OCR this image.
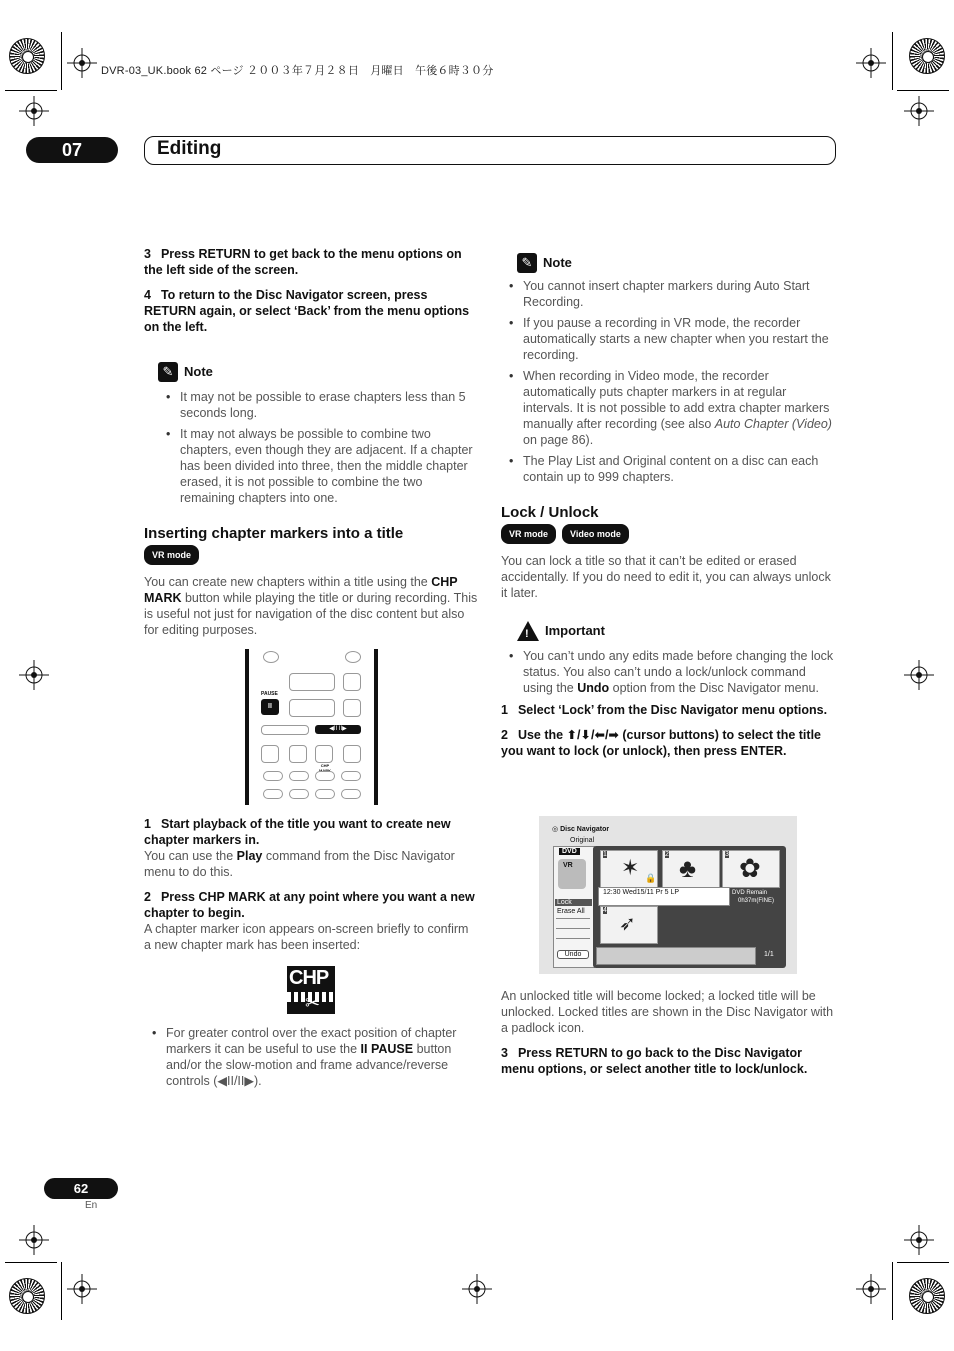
DVR-03_UK.book 62 ページ ２００３年７月２８日　月曜日　午後６時３０分
07	Editing
3 Press RETURN to get back to the menu options on the left side of the screen.
4 To return to the Disc Navigator screen, press RETURN again, or select ‘Back’ from the menu options on the left.
✎ Note
• It may not be possible to erase chapters less than 5 seconds long.
• It may not always be possible to combine two chapters, even though they are adjacent. If a chapter has been divided into three, then the middle chapter erased, it is not possible to combine the two remaining chapters into one.
Inserting chapter markers into a title
VR mode
You can create new chapters within a title using the CHP MARK button while playing the title or during recording. This is useful not just for navigation of the disc content but also for editing purposes.
PAUSE
II
◀II II▶
CHP
1 Start playback of the title you want to create new chapter markers in.
You can use the Play command from the Disc Navigator menu to do this.
2 Press CHP MARK at any point where you want a new chapter to begin.
A chapter marker icon appears on-screen briefly to confirm a new chapter mark has been inserted:
CHP
✂
• For greater control over the exact position of chapter markers it can be useful to use the II PAUSE button and/or the slow-motion and frame advance/reverse controls (◀II/II▶).
✎ Note
• You cannot insert chapter markers during Auto Start Recording.
• If you pause a recording in VR mode, the recorder automatically starts a new chapter when you restart the recording.
• When recording in Video mode, the recorder automatically puts chapter markers in at regular intervals. It is not possible to add extra chapter markers manually after recording (see also Auto Chapter (Video) on page 86).
• The Play List and Original content on a disc can each contain up to 999 chapters.
Lock / Unlock
VR mode Video mode
You can lock a title so that it can’t be edited or erased accidentally. If you do need to edit it, you can always unlock it later.
! Important
• You can’t undo any edits made before changing the lock status. You also can’t undo a lock/unlock command using the Undo option from the Disc Navigator menu.
1 Select ‘Lock’ from the Disc Navigator menu options.
2 Use the ⬆/⬇/⬅/➡ (cursor buttons) to select the title you want to lock (or unlock), then press ENTER.
◎ Disc Navigator
Original
DVD
VR
Lock
Erase All
Undo
1
✶ 🔒
2 ♣	3 ✿
12:30 Wed15/11 Pr 5 LP	DVD Remain
0h37m(FINE)
4
➶
1/1
An unlocked title will become locked; a locked title will be unlocked. Locked titles are shown in the Disc Navigator with a padlock icon.
3 Press RETURN to go back to the Disc Navigator menu options, or select another title to lock/unlock.
62
En
